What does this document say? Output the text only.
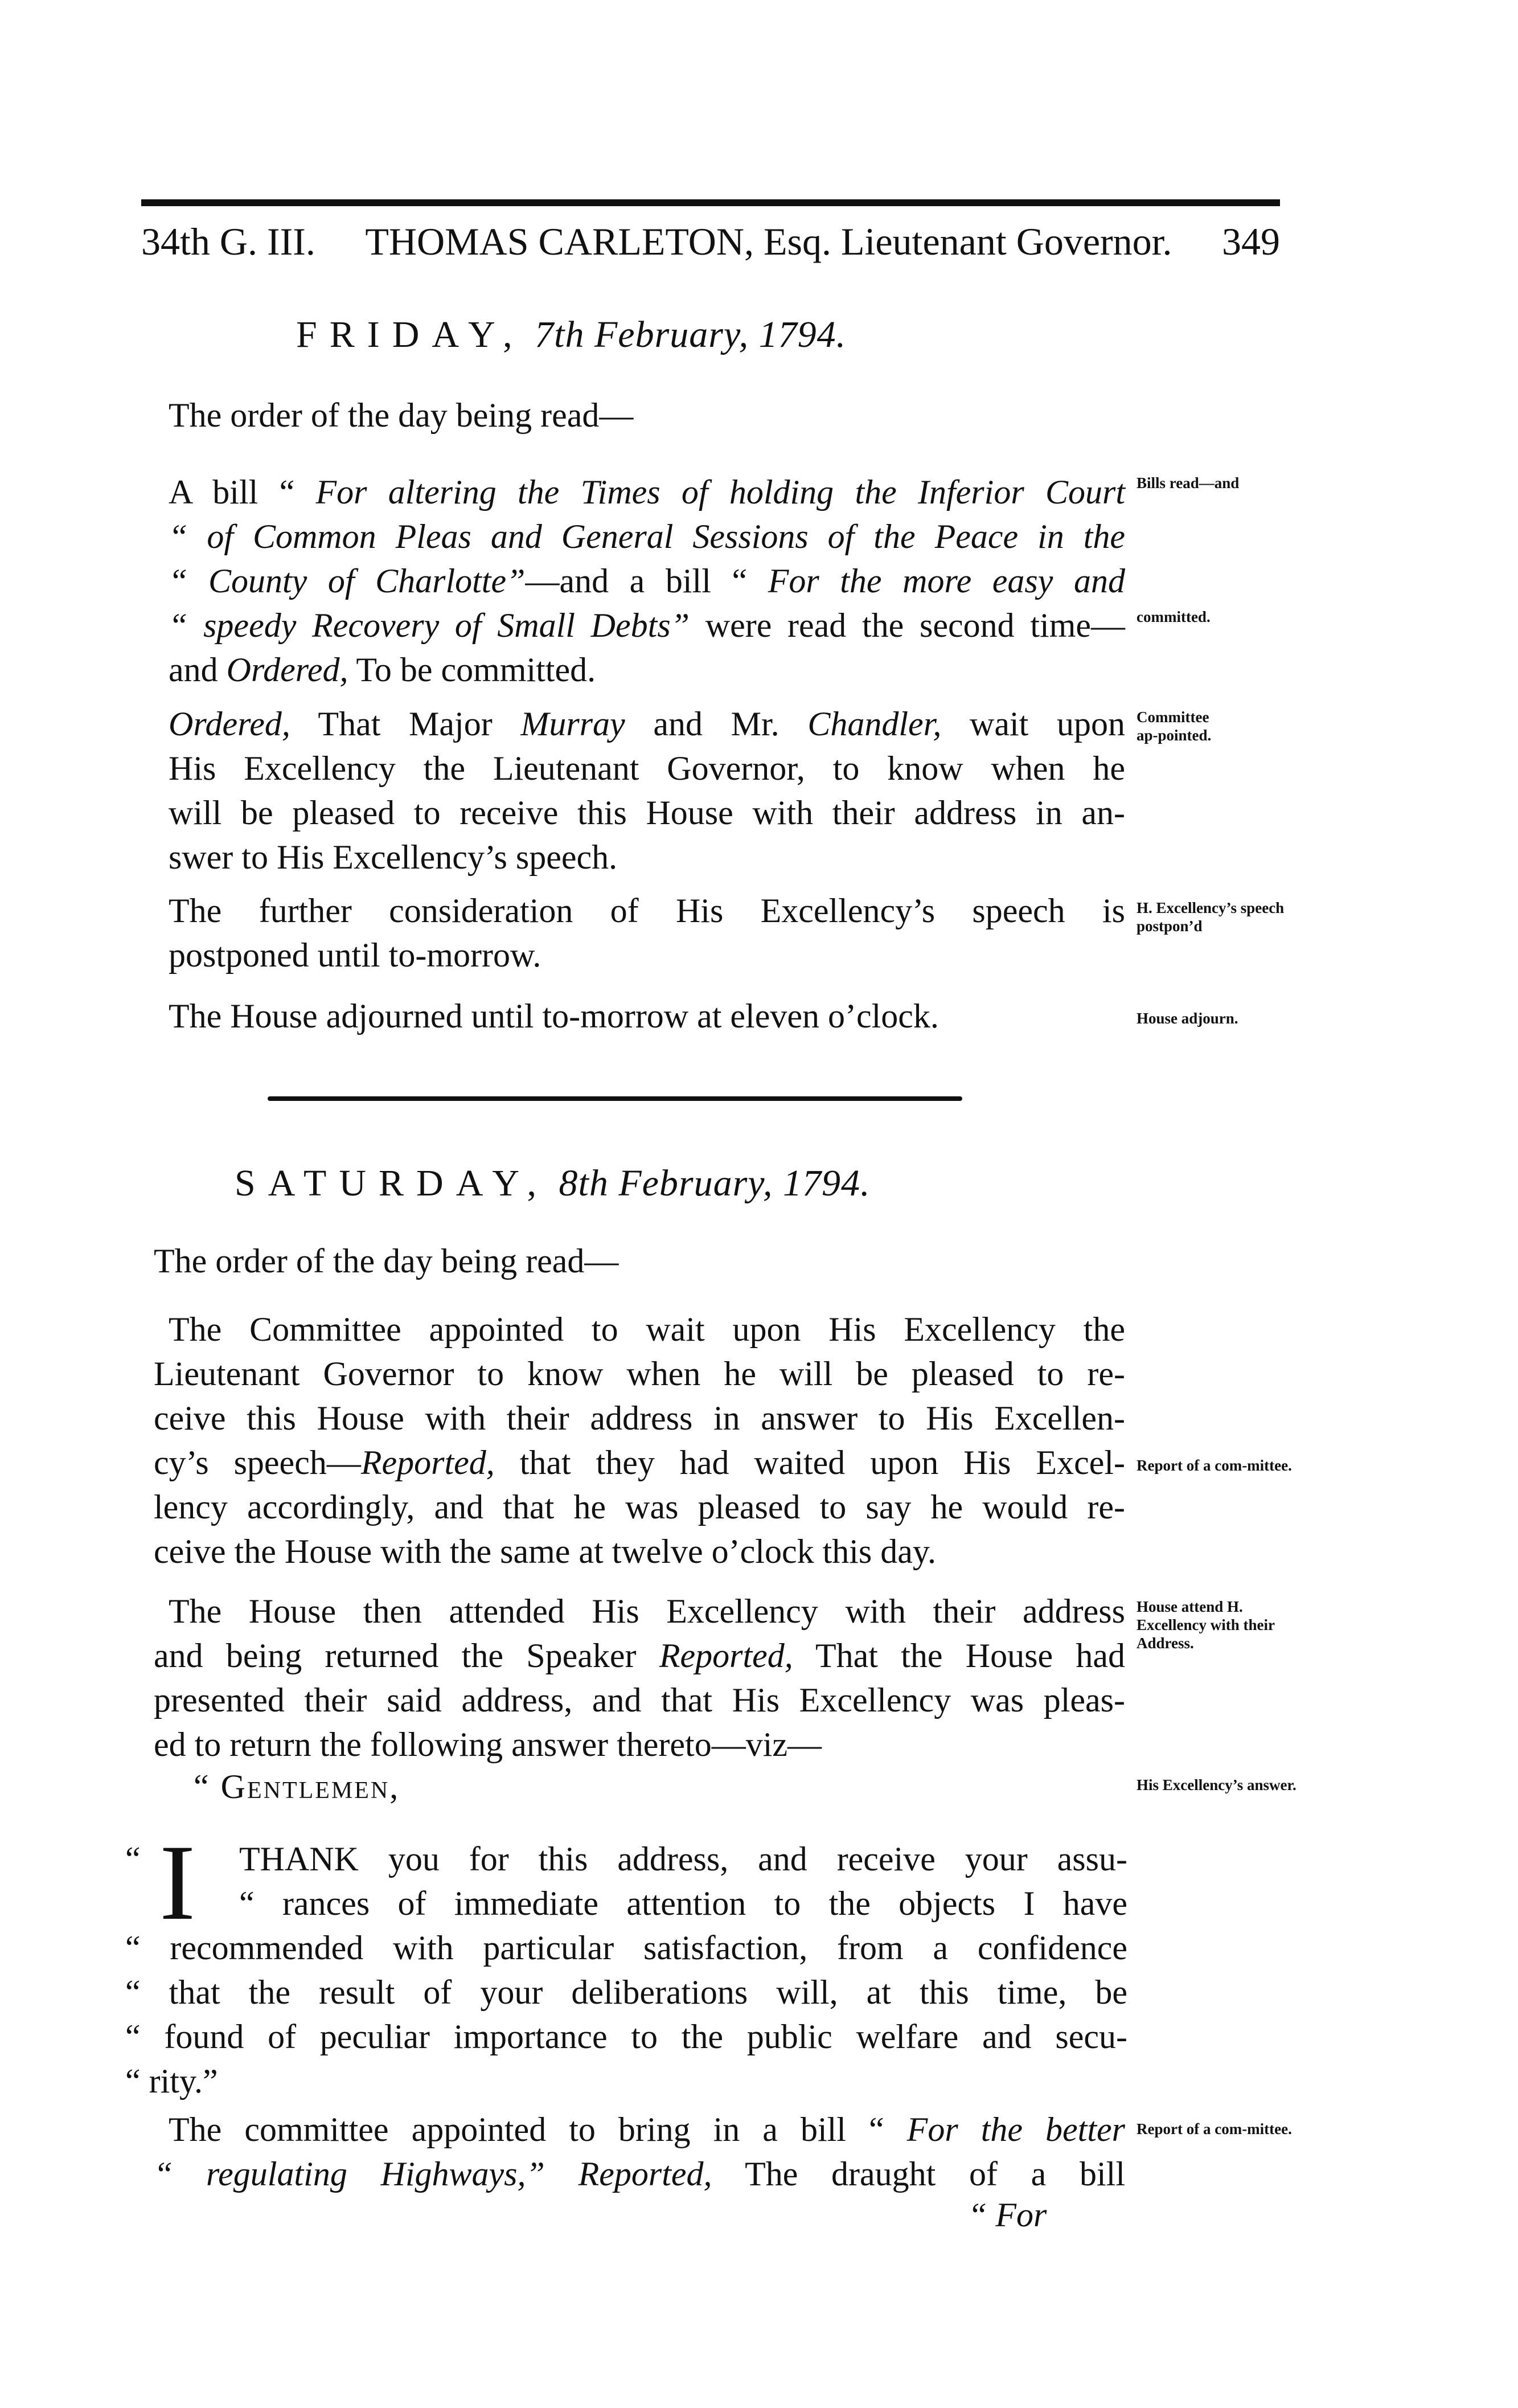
34th G. III. THOMAS CARLETON, Esq. Lieutenant Governor. 349
FRIDAY, 7th February, 1794.
The order of the day being read—
A bill “ For altering the Times of holding the Inferior Court
“ of Common Pleas and General Sessions of the Peace in the
“ County of Charlotte”—and a bill “ For the more easy and
“ speedy Recovery of Small Debts” were read the second time—
and Ordered, To be committed.
Bills read—and
committed.
Ordered, That Major Murray and Mr. Chandler, wait upon
His Excellency the Lieutenant Governor, to know when he
will be pleased to receive this House with their address in an-
swer to His Excellency’s speech.
Committee ap-pointed.
The further consideration of His Excellency’s speech is
postponed until to-morrow.
H. Excellency’s speech postpon’d
The House adjourned until to-morrow at eleven o’clock.	House adjourn.
SATURDAY, 8th February, 1794.
The order of the day being read—
The Committee appointed to wait upon His Excellency the
Lieutenant Governor to know when he will be pleased to re-
ceive this House with their address in answer to His Excellen-
cy’s speech—Reported, that they had waited upon His Excel-
lency accordingly, and that he was pleased to say he would re-
ceive the House with the same at twelve o’clock this day.
Report of a com-mittee.
The House then attended His Excellency with their address
and being returned the Speaker Reported, That the House had
presented their said address, and that His Excellency was pleas-
ed to return the following answer thereto—viz—
House attend H. Excellency with their Address.
“ Gentlemen,	His Excellency’s answer.
“ I	THANK you for this address, and receive your assu-
“ rances of immediate attention to the objects I have
“ recommended with particular satisfaction, from a confidence
“ that the result of your deliberations will, at this time, be
“ found of peculiar importance to the public welfare and secu-
“ rity.”
The committee appointed to bring in a bill “ For the better
“ regulating Highways,” Reported, The draught of a bill
Report of a com-mittee.
“ For
